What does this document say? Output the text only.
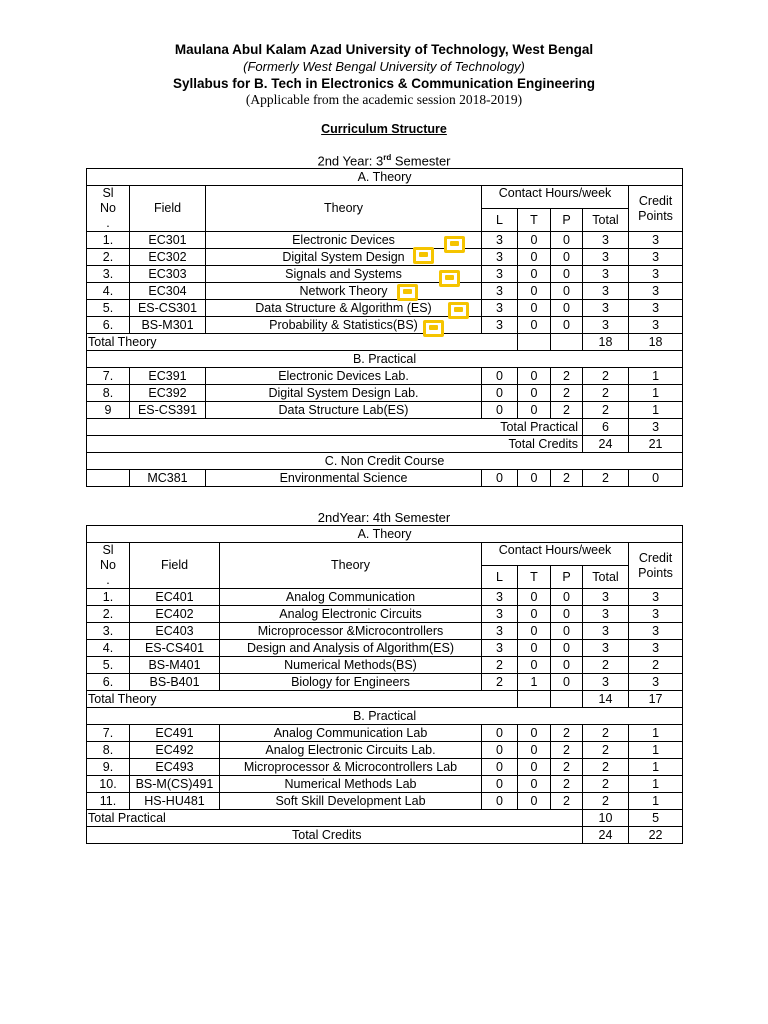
Maulana Abul Kalam Azad University of Technology, West Bengal
(Formerly West Bengal University of Technology)
Syllabus for B. Tech in Electronics & Communication Engineering
(Applicable from the academic session 2018-2019)
Curriculum Structure
2nd Year: 3rd Semester
A. Theory							
Sl No .	Field	Theory	Contact Hours/week				Credit Points
			L	T	P	Total	
1.	EC301	Electronic Devices	3	0	0	3	3
2.	EC302	Digital System Design	3	0	0	3	3
3.	EC303	Signals and Systems	3	0	0	3	3
4.	EC304	Network Theory	3	0	0	3	3
5.	ES-CS301	Data Structure & Algorithm (ES)	3	0	0	3	3
6.	BS-M301	Probability & Statistics(BS)	3	0	0	3	3
Total Theory						18	18
B. Practical							
7.	EC391	Electronic Devices Lab.	0	0	2	2	1
8.	EC392	Digital System Design Lab.	0	0	2	2	1
9	ES-CS391	Data Structure Lab(ES)	0	0	2	2	1
Total Practical						6	3
Total Credits						24	21
C. Non Credit Course							
	MC381	Environmental Science	0	0	2	2	0
2ndYear: 4th Semester
A. Theory							
Sl No .	Field	Theory	Contact Hours/week				Credit Points
			L	T	P	Total	
1.	EC401	Analog Communication	3	0	0	3	3
2.	EC402	Analog Electronic Circuits	3	0	0	3	3
3.	EC403	Microprocessor &Microcontrollers	3	0	0	3	3
4.	ES-CS401	Design and Analysis of Algorithm(ES)	3	0	0	3	3
5.	BS-M401	Numerical Methods(BS)	2	0	0	2	2
6.	BS-B401	Biology for Engineers	2	1	0	3	3
Total Theory						14	17
B. Practical							
7.	EC491	Analog Communication Lab	0	0	2	2	1
8.	EC492	Analog Electronic Circuits Lab.	0	0	2	2	1
9.	EC493	Microprocessor & Microcontrollers Lab	0	0	2	2	1
10.	BS-M(CS)491	Numerical Methods Lab	0	0	2	2	1
11.	HS-HU481	Soft Skill Development Lab	0	0	2	2	1
Total Practical						10	5
Total Credits						24	22
